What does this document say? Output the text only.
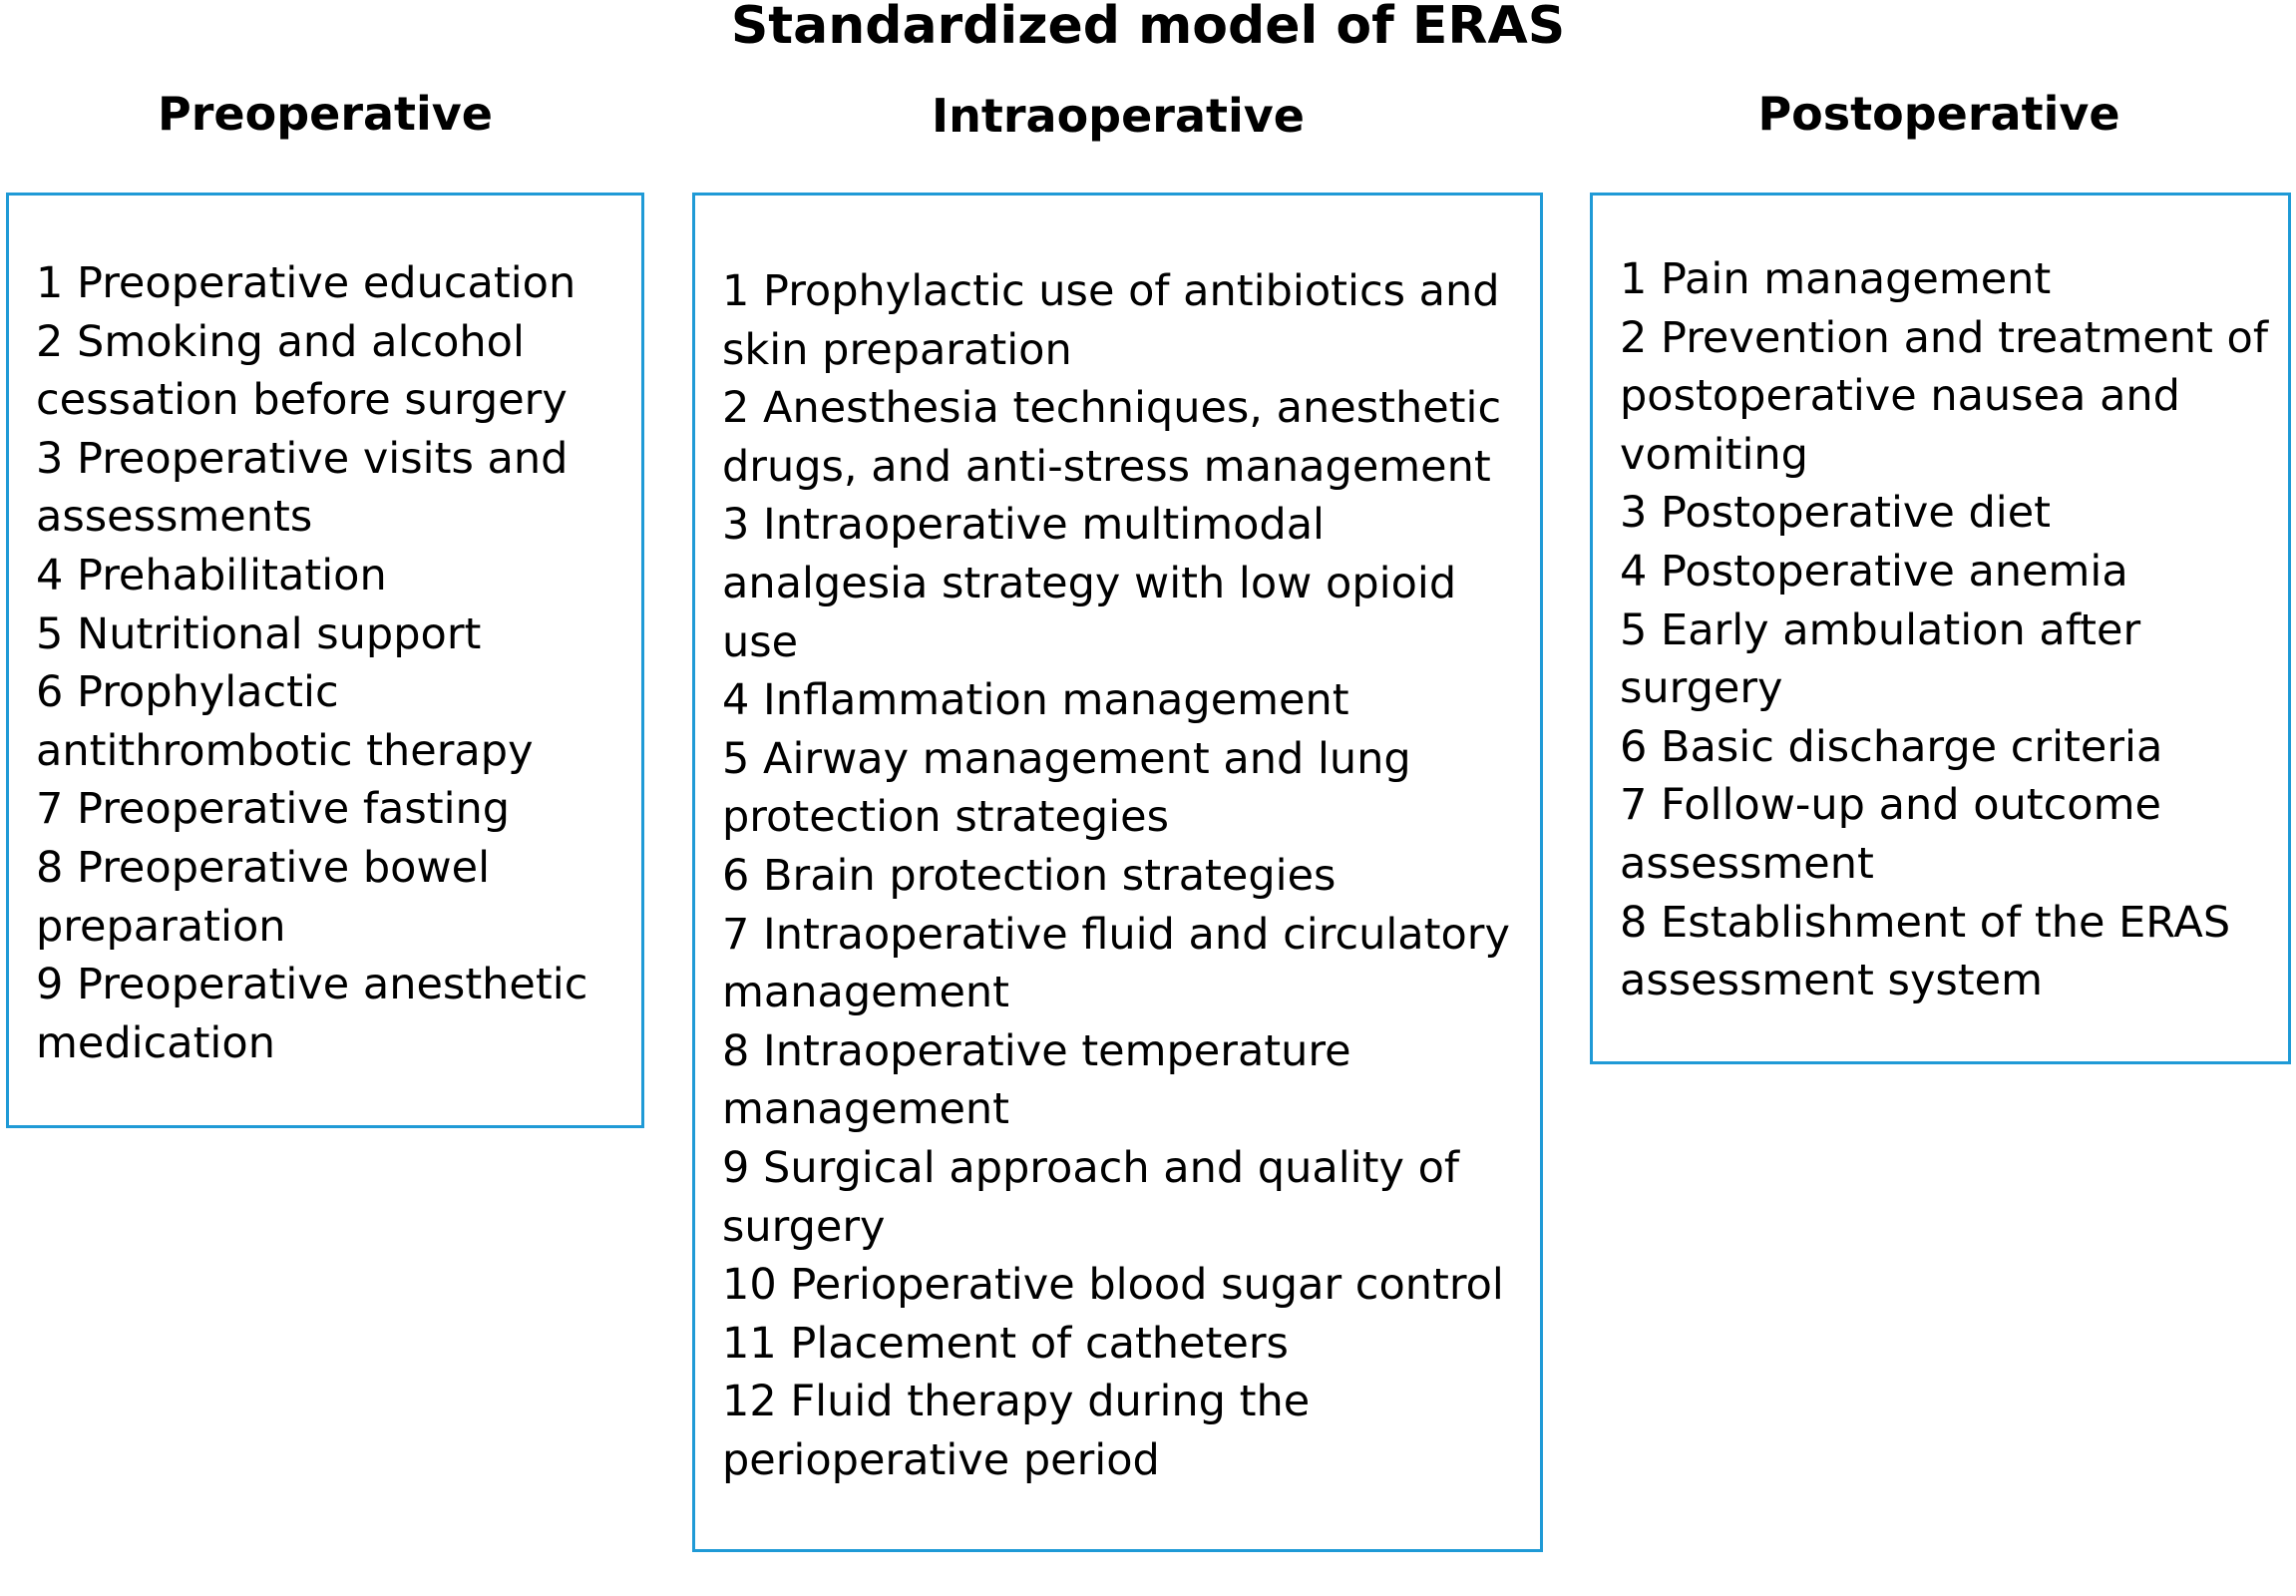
Standardized model of ERAS
Preoperative	Intraoperative	Postoperative
1 Preoperative education
2 Smoking and alcohol cessation before surgery
3 Preoperative visits and assessments
4 Prehabilitation
5 Nutritional support
6 Prophylactic antithrombotic therapy
7 Preoperative fasting
8 Preoperative bowel preparation
9 Preoperative anesthetic medication
1 Prophylactic use of antibiotics and skin preparation
2 Anesthesia techniques, anesthetic drugs, and anti-stress management
3 Intraoperative multimodal analgesia strategy with low opioid use
4 Inflammation management
5 Airway management and lung protection strategies
6 Brain protection strategies
7 Intraoperative fluid and circulatory management
8 Intraoperative temperature management
9 Surgical approach and quality of surgery
10 Perioperative blood sugar control
11 Placement of catheters
12 Fluid therapy during the perioperative period
1 Pain management
2 Prevention and treatment of postoperative nausea and vomiting
3 Postoperative diet
4 Postoperative anemia
5 Early ambulation after surgery
6 Basic discharge criteria
7 Follow-up and outcome assessment
8 Establishment of the ERAS assessment system
